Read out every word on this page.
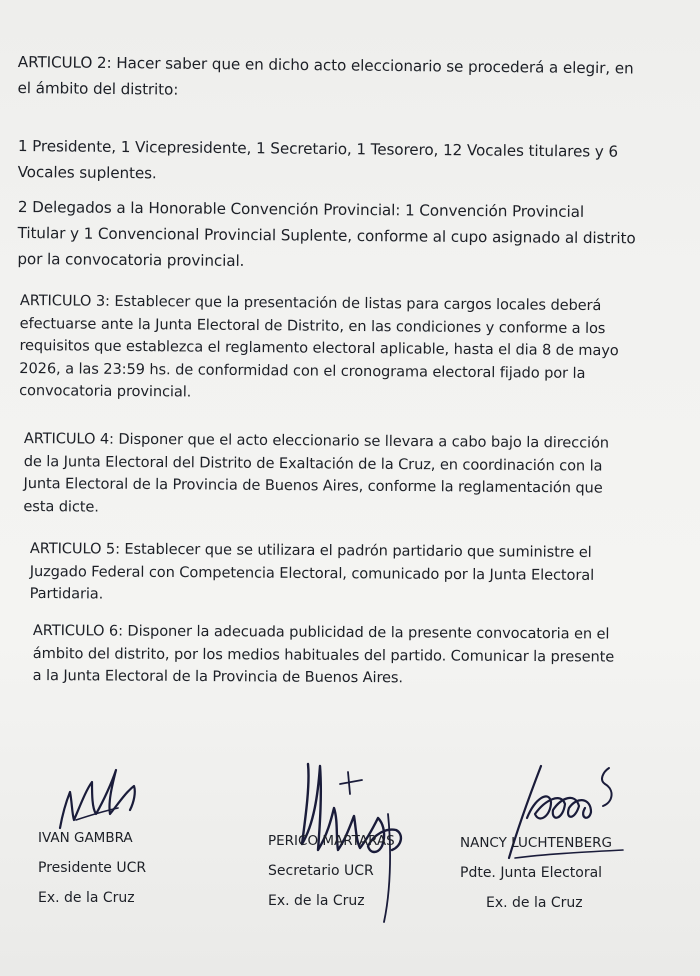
ARTICULO 2: Hacer saber que en dicho acto eleccionario se procederá a elegir, en
el ámbito del distrito:

1 Presidente, 1 Vicepresidente, 1 Secretario, 1 Tesorero, 12 Vocales titulares y 6
Vocales suplentes.

2 Delegados a la Honorable Convención Provincial: 1 Convención Provincial
Titular y 1 Convencional Provincial Suplente, conforme al cupo asignado al distrito
por la convocatoria provincial.

ARTICULO 3: Establecer que la presentación de listas para cargos locales deberá
efectuarse ante la Junta Electoral de Distrito, en las condiciones y conforme a los
requisitos que establezca el reglamento electoral aplicable, hasta el dia 8 de mayo
2026, a las 23:59 hs. de conformidad con el cronograma electoral fijado por la
convocatoria provincial.

ARTICULO 4: Disponer que el acto eleccionario se llevara a cabo bajo la dirección
de la Junta Electoral del Distrito de Exaltación de la Cruz, en coordinación con la
Junta Electoral de la Provincia de Buenos Aires, conforme la reglamentación que
esta dicte.

ARTICULO 5: Establecer que se utilizara el padrón partidario que suministre el
Juzgado Federal con Competencia Electoral, comunicado por la Junta Electoral
Partidaria.

ARTICULO 6: Disponer la adecuada publicidad de la presente convocatoria en el
ámbito del distrito, por los medios habituales del partido. Comunicar la presente
a la Junta Electoral de la Provincia de Buenos Aires.

IVAN GAMBRA
Presidente UCR
Ex. de la Cruz
PERICO MARTARAS
Secretario UCR
Ex. de la Cruz
NANCY LUCHTENBERG
Pdte. Junta Electoral
Ex. de la Cruz
